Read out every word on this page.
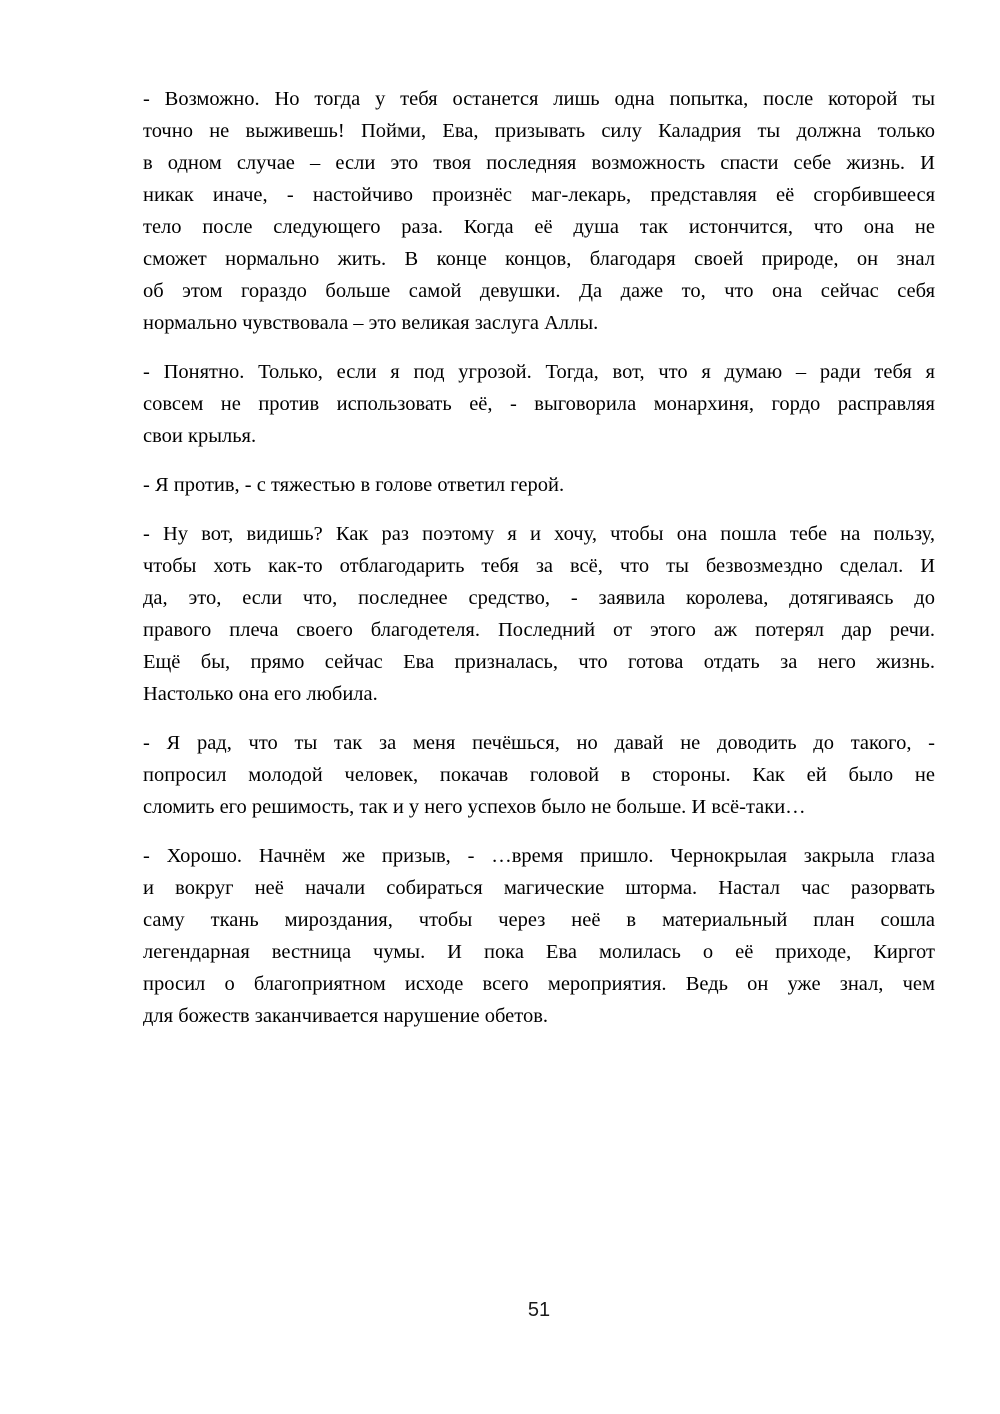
- Возможно. Но тогда у тебя останется лишь одна попытка, после которой ты
точно не выживешь! Пойми, Ева, призывать силу Каладрия ты должна только
в одном случае – если это твоя последняя возможность спасти себе жизнь. И
никак иначе, - настойчиво произнёс маг-лекарь, представляя её сгорбившееся
тело после следующего раза. Когда её душа так истончится, что она не
сможет нормально жить. В конце концов, благодаря своей природе, он знал
об этом гораздо больше самой девушки. Да даже то, что она сейчас себя
нормально чувствовала – это великая заслуга Аллы.
- Понятно. Только, если я под угрозой. Тогда, вот, что я думаю – ради тебя я
совсем не против использовать её, - выговорила монархиня, гордо расправляя
свои крылья.
- Я против, - с тяжестью в голове ответил герой.
- Ну вот, видишь? Как раз поэтому я и хочу, чтобы она пошла тебе на пользу,
чтобы хоть как-то отблагодарить тебя за всё, что ты безвозмездно сделал. И
да, это, если что, последнее средство, - заявила королева, дотягиваясь до
правого плеча своего благодетеля. Последний от этого аж потерял дар речи.
Ещё бы, прямо сейчас Ева призналась, что готова отдать за него жизнь.
Настолько она его любила.
- Я рад, что ты так за меня печёшься, но давай не доводить до такого, -
попросил молодой человек, покачав головой в стороны. Как ей было не
сломить его решимость, так и у него успехов было не больше. И всё-таки…
- Хорошо. Начнём же призыв, - …время пришло. Чернокрылая закрыла глаза
и вокруг неё начали собираться магические шторма. Настал час разорвать
саму ткань мироздания, чтобы через неё в материальный план сошла
легендарная вестница чумы. И пока Ева молилась о её приходе, Киргот
просил о благоприятном исходе всего мероприятия. Ведь он уже знал, чем
для божеств заканчивается нарушение обетов.
51
